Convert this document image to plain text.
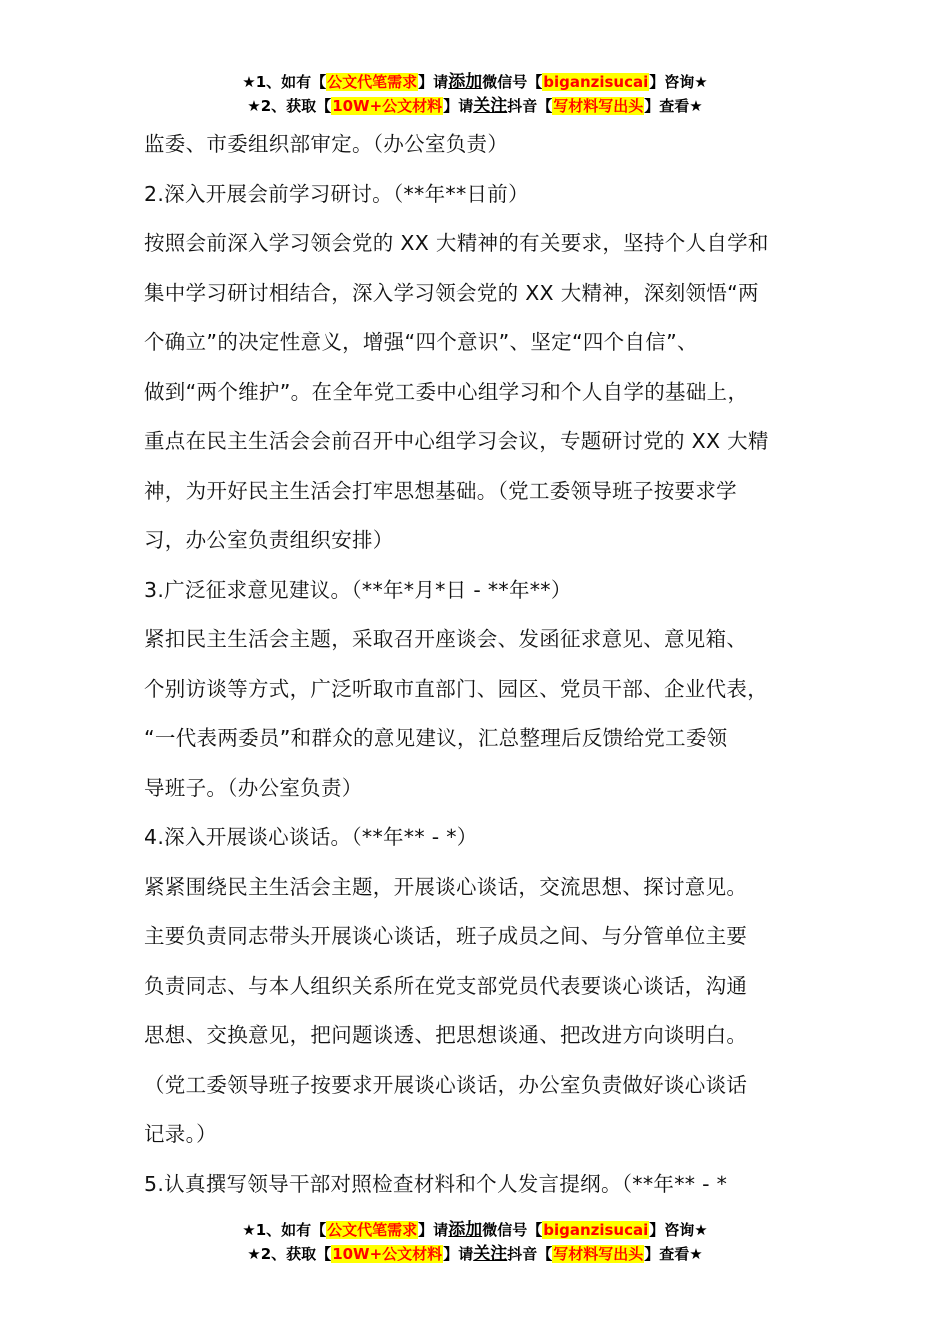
★1、如有【公文代笔需求】请添加微信号【biganzisucai】咨询★
★2、获取【10W+公文材料】请关注抖音【写材料写出头】查看★

监委、市委组织部审定。（办公室负责）

2.深入开展会前学习研讨。（**年**日前）

按照会前深入学习领会党的 XX 大精神的有关要求，坚持个人自学和

集中学习研讨相结合，深入学习领会党的 XX 大精神，深刻领悟“两

个确立”的决定性意义，增强“四个意识”、坚定“四个自信”、

做到“两个维护”。在全年党工委中心组学习和个人自学的基础上，

重点在民主生活会会前召开中心组学习会议，专题研讨党的 XX 大精

神，为开好民主生活会打牢思想基础。（党工委领导班子按要求学

习，办公室负责组织安排）

3.广泛征求意见建议。（**年*月*日 - **年**）

紧扣民主生活会主题，采取召开座谈会、发函征求意见、意见箱、

个别访谈等方式，广泛听取市直部门、园区、党员干部、企业代表，

“一代表两委员”和群众的意见建议，汇总整理后反馈给党工委领

导班子。（办公室负责）

4.深入开展谈心谈话。（**年** - *）

紧紧围绕民主生活会主题，开展谈心谈话，交流思想、探讨意见。

主要负责同志带头开展谈心谈话，班子成员之间、与分管单位主要

负责同志、与本人组织关系所在党支部党员代表要谈心谈话，沟通

思想、交换意见，把问题谈透、把思想谈通、把改进方向谈明白。

（党工委领导班子按要求开展谈心谈话，办公室负责做好谈心谈话

记录。）

5.认真撰写领导干部对照检查材料和个人发言提纲。（**年** - *

★1、如有【公文代笔需求】请添加微信号【biganzisucai】咨询★
★2、获取【10W+公文材料】请关注抖音【写材料写出头】查看★
